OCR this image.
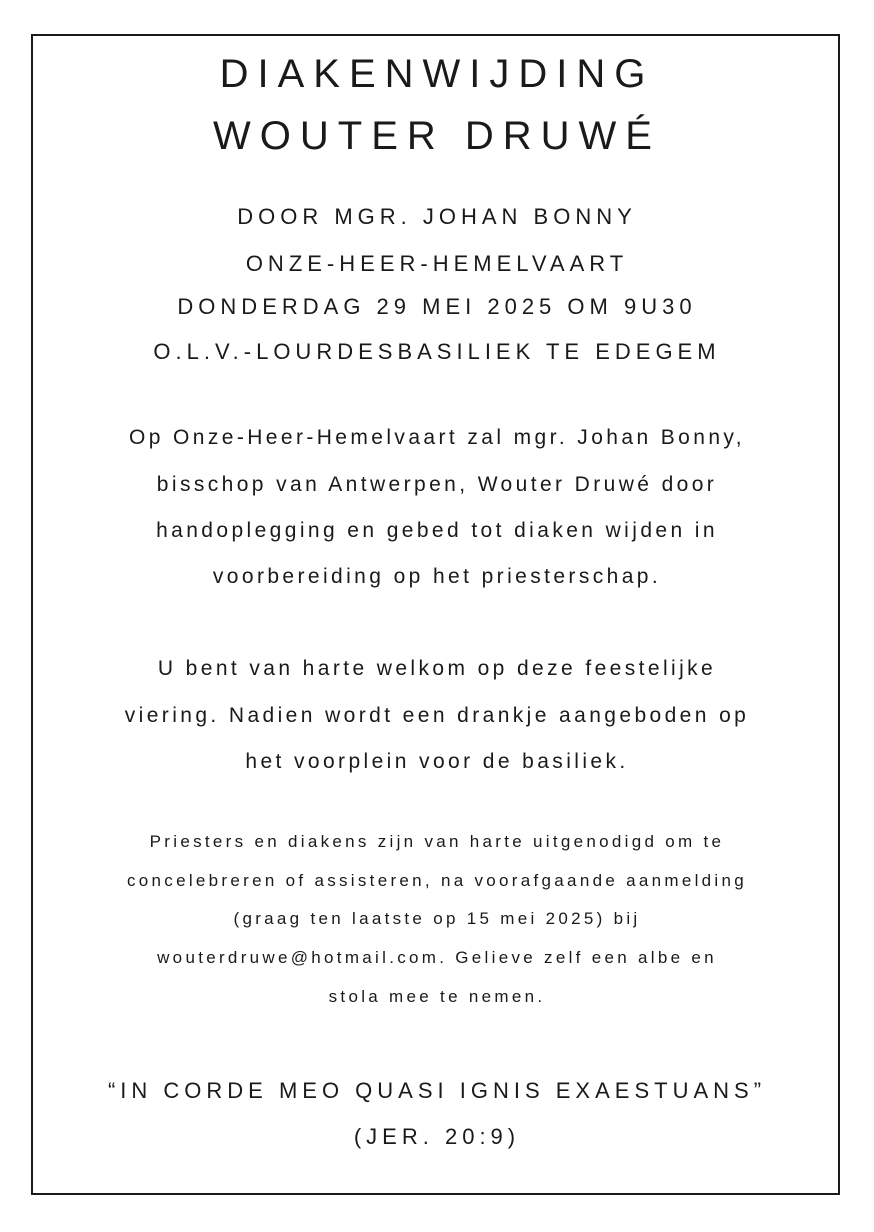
DIAKENWIJDING
WOUTER DRUWÉ
DOOR MGR. JOHAN BONNY
ONZE-HEER-HEMELVAART
DONDERDAG 29 MEI 2025 OM 9U30
O.L.V.-LOURDESBASILIEK TE EDEGEM
Op Onze-Heer-Hemelvaart zal mgr. Johan Bonny,
bisschop van Antwerpen, Wouter Druwé door
handoplegging en gebed tot diaken wijden in
voorbereiding op het priesterschap.
U bent van harte welkom op deze feestelijke
viering. Nadien wordt een drankje aangeboden op
het voorplein voor de basiliek.
Priesters en diakens zijn van harte uitgenodigd om te
concelebreren of assisteren, na voorafgaande aanmelding
(graag ten laatste op 15 mei 2025) bij
wouterdruwe@hotmail.com. Gelieve zelf een albe en
stola mee te nemen.
“IN CORDE MEO QUASI IGNIS EXAESTUANS”
(JER. 20:9)
